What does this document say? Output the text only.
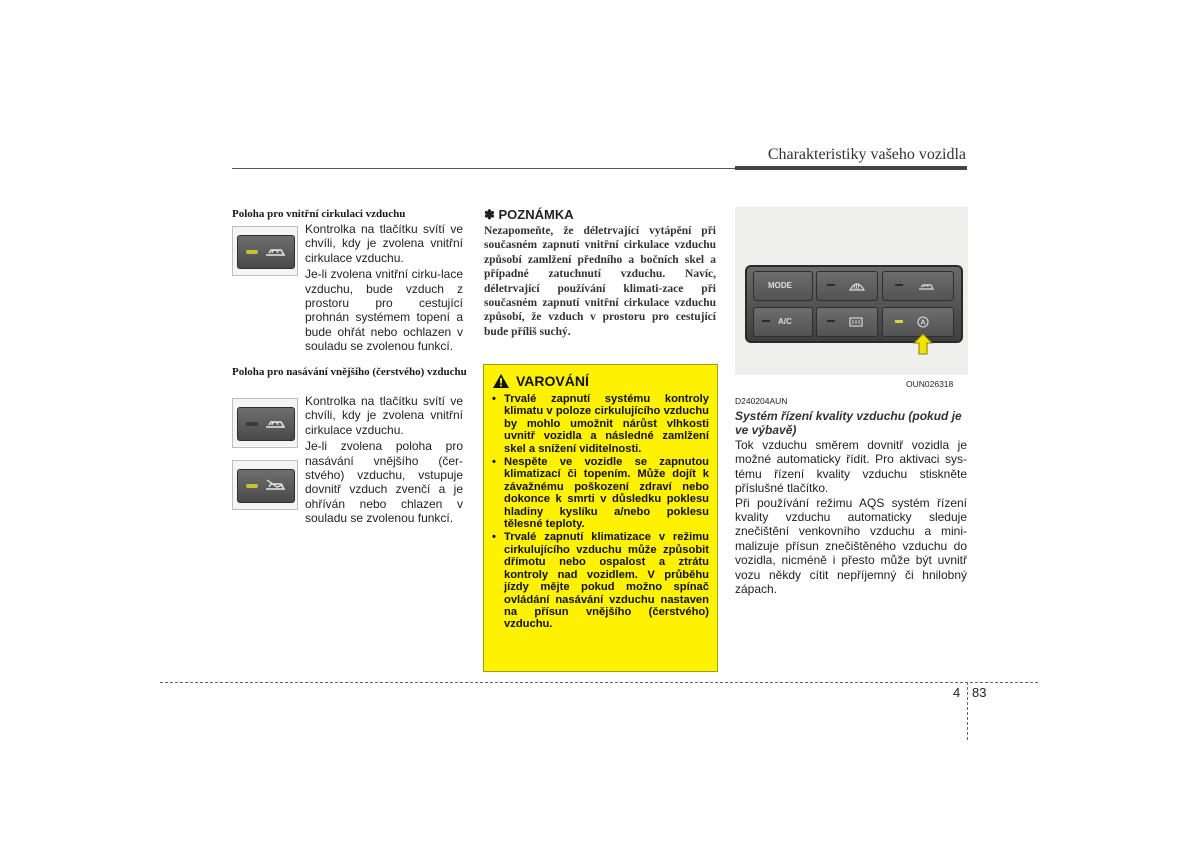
Charakteristiky vašeho vozidla
Poloha pro vnitřní cirkulaci vzduchu
Kontrolka na tlačítku svítí ve chvíli, kdy je zvolena vnitřní cirkulace vzduchu.
Je-li zvolena vnitřní cirku-lace vzduchu, bude vzduch z prostoru pro cestující prohnán systémem topení a bude ohřát nebo ochlazen v souladu se zvolenou funkcí.
Poloha pro nasávání vnějšího (čerstvého) vzduchu
Kontrolka na tlačítku svítí ve chvíli, kdy je zvolena vnitřní cirkulace vzduchu.
Je-li zvolena poloha pro nasávání vnějšího (čer-stvého) vzduchu, vstupuje dovnitř vzduch zvenčí a je ohříván nebo chlazen v souladu se zvolenou funkcí.
✽ POZNÁMKA
Nezapomeňte, že déletrvající vytápění při současném zapnutí vnitřní cirkulace vzduchu způsobí zamlžení předního a bočních skel a případné zatuchnutí vzduchu. Navíc, déletrvající používání klimati-zace při současném zapnutí vnitřní cirkulace vzduchu způsobí, že vzduch v prostoru pro cestující bude příliš suchý.
VAROVÁNÍ
• Trvalé zapnutí systému kontroly klimatu v poloze cirkulujícího vzduchu by mohlo umožnit nárůst vlhkosti uvnitř vozidla a následné zamlžení skel a snížení viditelnosti.
• Nespěte ve vozidle se zapnutou klimatizací či topením. Může dojít k závažnému poškození zdraví nebo dokonce k smrti v důsledku poklesu hladiny kyslíku a/nebo poklesu tělesné teploty.
• Trvalé zapnutí klimatizace v režimu cirkulujícího vzduchu může způsobit dřímotu nebo ospalost a ztrátu kontroly nad vozidlem. V průběhu jízdy mějte pokud možno spínač ovládání nasávání vzduchu nastaven na přísun vnějšího (čerstvého) vzduchu.
MODE
A/C	A
OUN026318
D240204AUN
Systém řízení kvality vzduchu (pokud je ve výbavě)
Tok vzduchu směrem dovnitř vozidla je možné automaticky řídit. Pro aktivaci sys-tému řízení kvality vzduchu stiskněte příslušné tlačítko.
Při používání režimu AQS systém řízení kvality vzduchu automaticky sleduje znečištění venkovního vzduchu a mini-malizuje přísun znečištěného vzduchu do vozidla, nicméně i přesto může být uvnitř vozu někdy cítit nepříjemný či hnilobný zápach.
4 83
